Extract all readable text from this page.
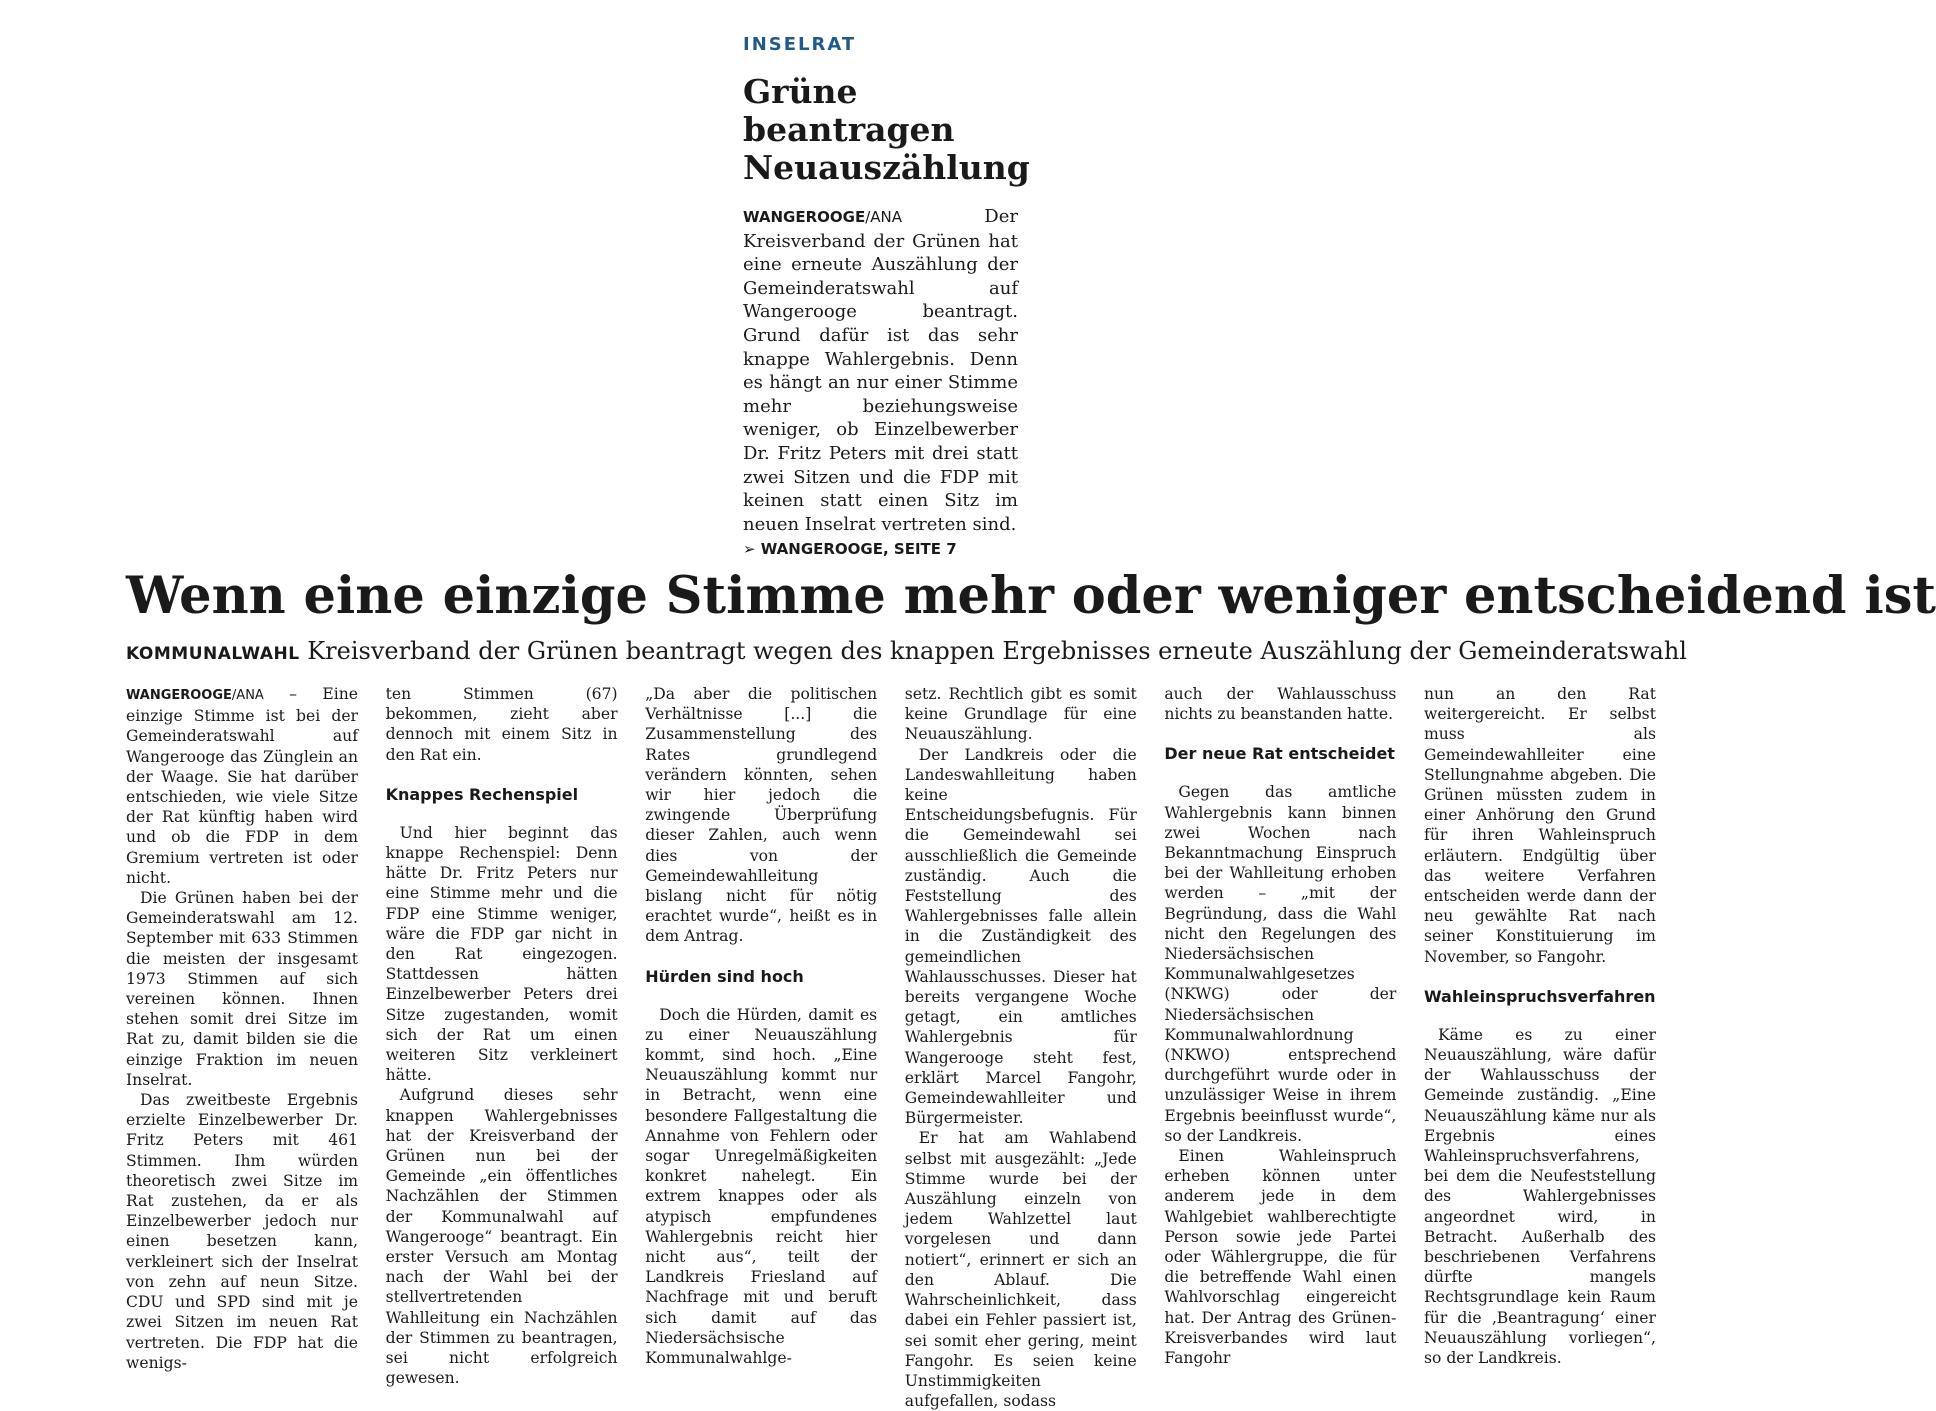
INSELRAT
Grüne beantragen
Neuauszählung

WANGEROOGE/ANA	Der Kreisverband der Grünen hat eine erneute Auszählung der Gemeinderatswahl auf Wangerooge beantragt. Grund dafür ist das sehr knappe Wahlergebnis. Denn es hängt an nur einer Stimme mehr beziehungsweise weniger, ob Einzelbewerber Dr. Fritz Peters mit drei statt zwei Sitzen und die FDP mit keinen statt einen Sitz im neuen Inselrat vertreten sind.

➢ WANGEROOGE, SEITE 7
Wenn eine einzige Stimme mehr oder weniger entscheidend ist

KOMMUNALWAHL Kreisverband der Grünen beantragt wegen des knappen Ergebnisses erneute Auszählung der Gemeinderatswahl

WANGEROOGE/ANA – Eine einzige Stimme ist bei der Gemeinderatswahl auf Wangerooge das Zünglein an der Waage. Sie hat darüber entschieden, wie viele Sitze der Rat künftig haben wird und ob die FDP in dem Gremium vertreten ist oder nicht.

Die Grünen haben bei der Gemeinderatswahl am 12. September mit 633 Stimmen die meisten der insgesamt 1973 Stimmen auf sich vereinen können. Ihnen stehen somit drei Sitze im Rat zu, damit bilden sie die einzige Fraktion im neuen Inselrat.

Das zweitbeste Ergebnis erzielte Einzelbewerber Dr. Fritz Peters mit 461 Stimmen. Ihm würden theoretisch zwei Sitze im Rat zustehen, da er als Einzelbewerber jedoch nur einen besetzen kann, verkleinert sich der Inselrat von zehn auf neun Sitze. CDU und SPD sind mit je zwei Sitzen im neuen Rat vertreten. Die FDP hat die wenigs-

ten Stimmen (67) bekommen, zieht aber dennoch mit einem Sitz in den Rat ein.

Knappes Rechenspiel

Und hier beginnt das knappe Rechenspiel: Denn hätte Dr. Fritz Peters nur eine Stimme mehr und die FDP eine Stimme weniger, wäre die FDP gar nicht in den Rat eingezogen. Stattdessen hätten Einzelbewerber Peters drei Sitze zugestanden, womit sich der Rat um einen weiteren Sitz verkleinert hätte.

Aufgrund dieses sehr knappen Wahlergebnisses hat der Kreisverband der Grünen nun bei der Gemeinde „ein öffentliches Nachzählen der Stimmen der Kommunalwahl auf Wangerooge“ beantragt. Ein erster Versuch am Montag nach der Wahl bei der stellvertretenden Wahlleitung ein Nachzählen der Stimmen zu beantragen, sei nicht erfolgreich gewesen.

„Da aber die politischen Verhältnisse [...] die Zusammenstellung des Rates grundlegend verändern könnten, sehen wir hier jedoch die zwingende Überprüfung dieser Zahlen, auch wenn dies von der Gemeindewahlleitung bislang nicht für nötig erachtet wurde“, heißt es in dem Antrag.

Hürden sind hoch

Doch die Hürden, damit es zu einer Neuauszählung kommt, sind hoch. „Eine Neuauszählung kommt nur in Betracht, wenn eine besondere Fallgestaltung die Annahme von Fehlern oder sogar Unregelmäßigkeiten konkret nahelegt. Ein extrem knappes oder als atypisch empfundenes Wahlergebnis reicht hier nicht aus“, teilt der Landkreis Friesland auf Nachfrage mit und beruft sich damit auf das Niedersächsische Kommunalwahlge-

setz. Rechtlich gibt es somit keine Grundlage für eine Neuauszählung.

Der Landkreis oder die Landeswahlleitung haben keine Entscheidungsbefugnis. Für die Gemeindewahl sei ausschließlich die Gemeinde zuständig. Auch die Feststellung des Wahlergebnisses falle allein in die Zuständigkeit des gemeindlichen Wahlausschusses. Dieser hat bereits vergangene Woche getagt, ein amtliches Wahlergebnis für Wangerooge steht fest, erklärt Marcel Fangohr, Gemeindewahlleiter und Bürgermeister.

Er hat am Wahlabend selbst mit ausgezählt: „Jede Stimme wurde bei der Auszählung einzeln von jedem Wahlzettel laut vorgelesen und dann notiert“, erinnert er sich an den Ablauf. Die Wahrscheinlichkeit, dass dabei ein Fehler passiert ist, sei somit eher gering, meint Fangohr. Es seien keine Unstimmigkeiten aufgefallen, sodass

auch der Wahlausschuss nichts zu beanstanden hatte.

Der neue Rat entscheidet

Gegen das amtliche Wahlergebnis kann binnen zwei Wochen nach Bekanntmachung Einspruch bei der Wahlleitung erhoben werden – „mit der Begründung, dass die Wahl nicht den Regelungen des Niedersächsischen Kommunalwahlgesetzes (NKWG) oder der Niedersächsischen Kommunalwahlordnung (NKWO) entsprechend durchgeführt wurde oder in unzulässiger Weise in ihrem Ergebnis beeinflusst wurde“, so der Landkreis.

Einen Wahleinspruch erheben können unter anderem jede in dem Wahlgebiet wahlberechtigte Person sowie jede Partei oder Wählergruppe, die für die betreffende Wahl einen Wahlvorschlag eingereicht hat. Der Antrag des Grünen-Kreisverbandes wird laut Fangohr

nun an den Rat weitergereicht. Er selbst muss als Gemeindewahlleiter eine Stellungnahme abgeben. Die Grünen müssten zudem in einer Anhörung den Grund für ihren Wahleinspruch erläutern. Endgültig über das weitere Verfahren entscheiden werde dann der neu gewählte Rat nach seiner Konstituierung im November, so Fangohr.

Wahleinspruchsverfahren

Käme es zu einer Neuauszählung, wäre dafür der Wahlausschuss der Gemeinde zuständig. „Eine Neuauszählung käme nur als Ergebnis eines Wahleinspruchsverfahrens, bei dem die Neufeststellung des Wahlergebnisses angeordnet wird, in Betracht. Außerhalb des beschriebenen Verfahrens dürfte mangels Rechtsgrundlage kein Raum für die ‚Beantragung‘ einer Neuauszählung vorliegen“, so der Landkreis.
